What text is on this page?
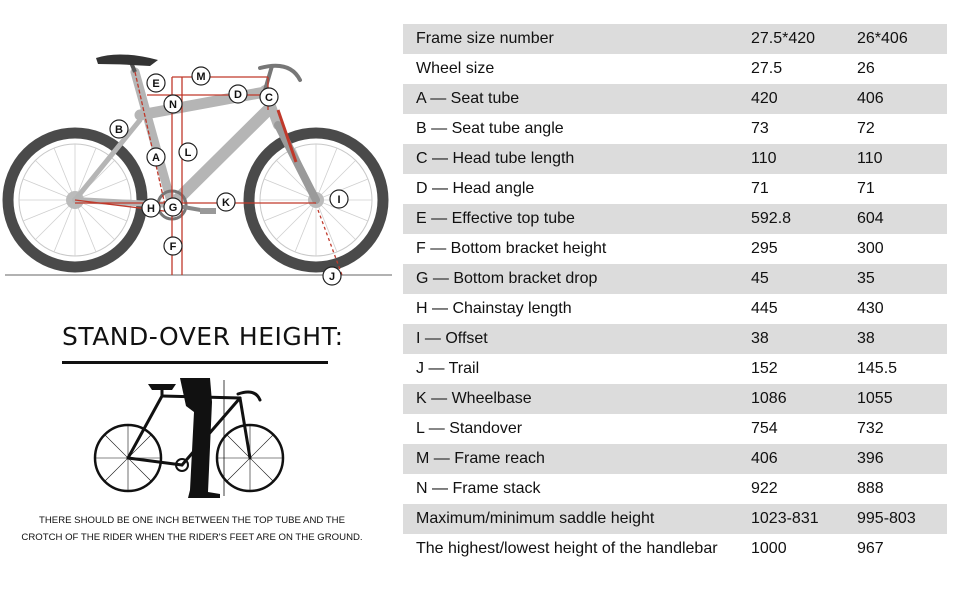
E
M
N
D C
B
A L
K
H G
I
F
J
STAND-OVER HEIGHT:
THERE SHOULD BE ONE INCH BETWEEN THE TOP TUBE AND THE
CROTCH OF THE RIDER WHEN THE RIDER'S FEET ARE ON THE GROUND.
Frame size number	27.5*420	26*406
Wheel size	27.5	26
A — Seat tube	420	406
B — Seat tube angle	73	72
C — Head tube length	110	110
D — Head angle	71	71
E — Effective top tube	592.8	604
F — Bottom bracket height	295	300
G — Bottom bracket drop	45	35
H — Chainstay length	445	430
I — Offset	38	38
J — Trail	152	145.5
K — Wheelbase	1086	1055
L — Standover	754	732
M — Frame reach	406	396
N — Frame stack	922	888
Maximum/minimum saddle height	1023-831	995-803
The highest/lowest height of the handlebar	1000	967
